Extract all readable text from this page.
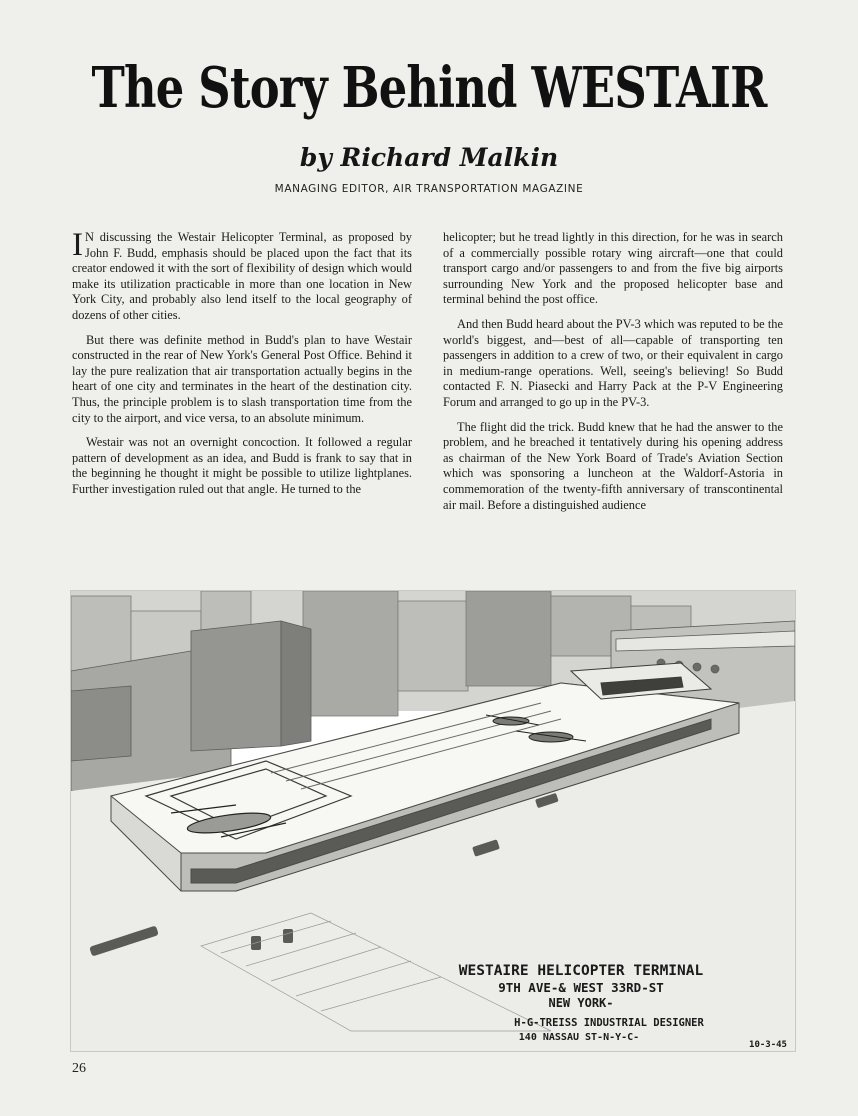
The Story Behind WESTAIR
by Richard Malkin
MANAGING EDITOR, AIR TRANSPORTATION MAGAZINE

I N discussing the Westair Helicopter Terminal, as proposed by John F. Budd, emphasis should be placed upon the fact that its creator endowed it with the sort of flexibility of design which would make its utilization practicable in more than one location in New York City, and probably also lend itself to the local geography of dozens of other cities.

But there was definite method in Budd's plan to have Westair constructed in the rear of New York's General Post Office. Behind it lay the pure realization that air transportation actually begins in the heart of one city and terminates in the heart of the destination city. Thus, the principle problem is to slash transportation time from the city to the airport, and vice versa, to an absolute minimum.

Westair was not an overnight concoction. It followed a regular pattern of development as an idea, and Budd is frank to say that in the beginning he thought it might be possible to utilize lightplanes. Further investigation ruled out that angle. He turned to the

helicopter; but he tread lightly in this direction, for he was in search of a commercially possible rotary wing aircraft—one that could transport cargo and/or passengers to and from the five big airports surrounding New York and the proposed helicopter base and terminal behind the post office.

And then Budd heard about the PV-3 which was reputed to be the world's biggest, and—best of all—capable of transporting ten passengers in addition to a crew of two, or their equivalent in cargo in medium-range operations. Well, seeing's believing! So Budd contacted F. N. Piasecki and Harry Pack at the P-V Engineering Forum and arranged to go up in the PV-3.

The flight did the trick. Budd knew that he had the answer to the problem, and he breached it tentatively during his opening address as chairman of the New York Board of Trade's Aviation Section which was sponsoring a luncheon at the Waldorf-Astoria in commemoration of the twenty-fifth anniversary of transcontinental air mail. Before a distinguished audience

WESTAIRE HELICOPTER TERMINAL
9TH AVE-& WEST 33RD-ST
NEW YORK-
H-G-TREISS INDUSTRIAL DESIGNER
140 NASSAU ST-N-Y-C-
10-3-45
26
